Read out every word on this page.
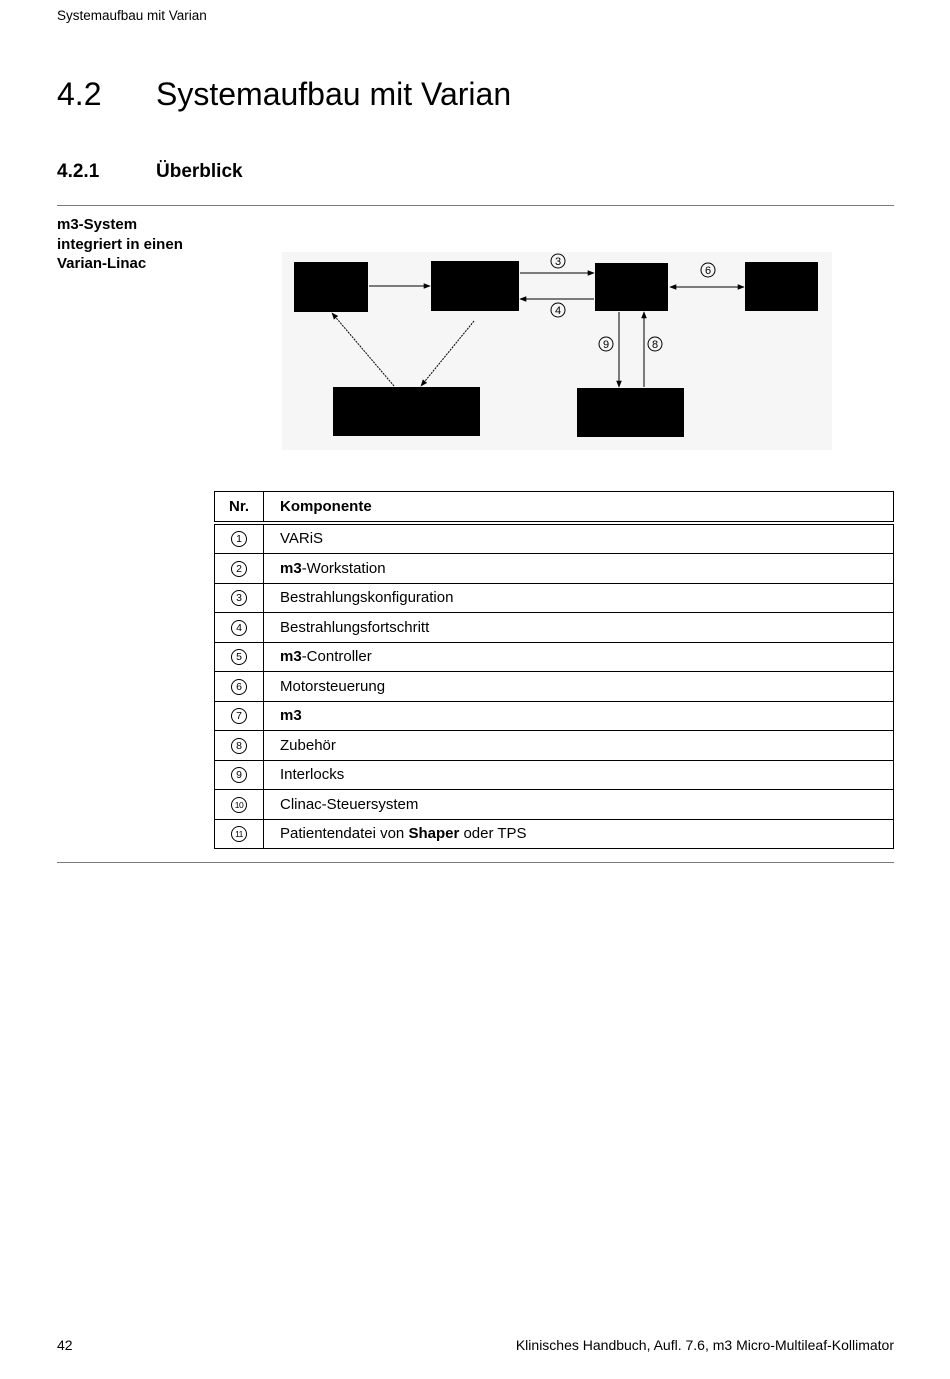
Systemaufbau mit Varian
4.2 Systemaufbau mit Varian
4.2.1	Überblick
m3-System
integriert in einen
Varian-Linac	3
4
6
9	8
Nr.	Komponente
1	VARiS
2	m3-Workstation
3	Bestrahlungskonfiguration
4	Bestrahlungsfortschritt
5	m3-Controller
6	Motorsteuerung
7	m3
8	Zubehör
9	Interlocks
10	Clinac-Steuersystem
11	Patientendatei von Shaper oder TPS
42	Klinisches Handbuch, Aufl. 7.6, m3 Micro-Multileaf-Kollimator
